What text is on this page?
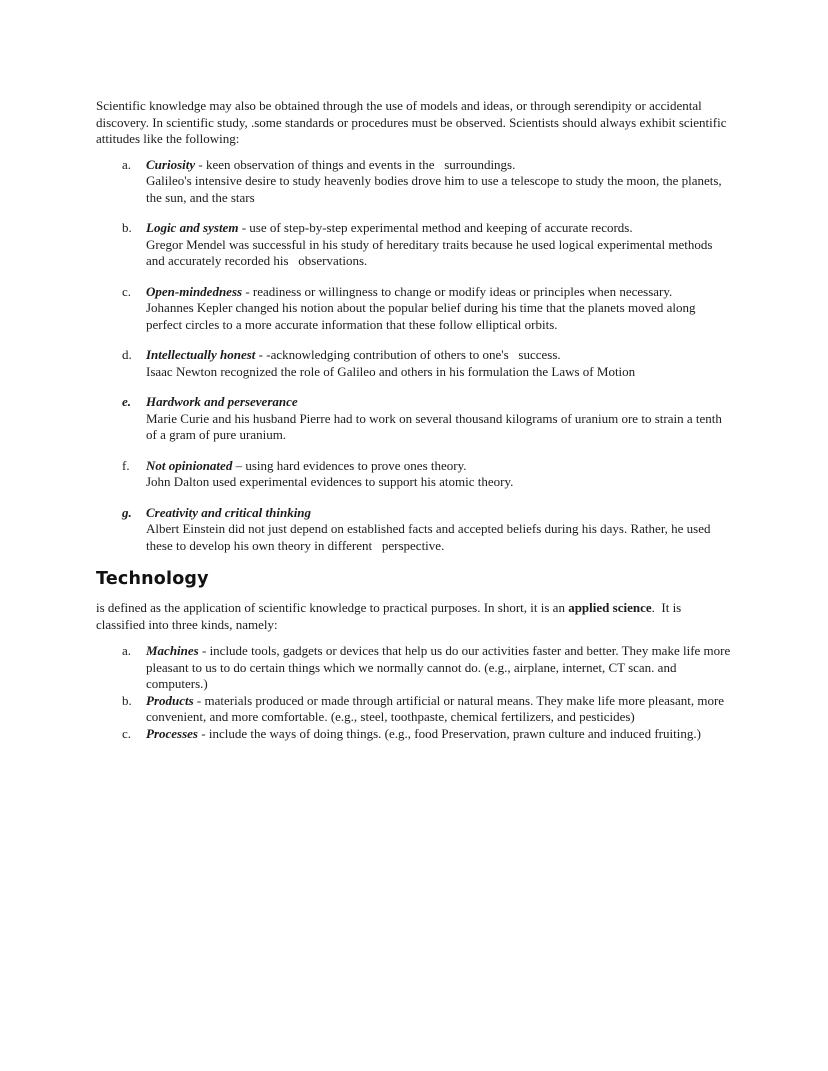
Scientific knowledge may also be obtained through the use of models and ideas, or through serendipity or accidental discovery. In scientific study, .some standards or procedures must be observed. Scientists should always exhibit scientific attitudes like the following:

a.	Curiosity - keen observation of things and events in the   surroundings.
Galileo's intensive desire to study heavenly bodies drove him to use a telescope to study the moon, the planets, the sun, and the stars
b.	Logic and system - use of step-by-step experimental method and keeping of accurate records.
Gregor Mendel was successful in his study of hereditary traits because he used logical experimental methods and accurately recorded his   observations.
c.	Open-mindedness - readiness or willingness to change or modify ideas or principles when necessary.
Johannes Kepler changed his notion about the popular belief during his time that the planets moved along perfect circles to a more accurate information that these follow elliptical orbits.
d.	Intellectually honest - -acknowledging contribution of others to one's   success.
Isaac Newton recognized the role of Galileo and others in his formulation the Laws of Motion
e.	Hardwork and perseverance
Marie Curie and his husband Pierre had to work on several thousand kilograms of uranium ore to strain a tenth of a gram of pure uranium.
f.	Not opinionated – using hard evidences to prove ones theory.
John Dalton used experimental evidences to support his atomic theory.
g.	Creativity and critical thinking
Albert Einstein did not just depend on established facts and accepted beliefs during his days. Rather, he used these to develop his own theory in different   perspective.
Technology

is defined as the application of scientific knowledge to practical purposes. In short, it is an applied science.  It is classified into three kinds, namely:

a.	Machines - include tools, gadgets or devices that help us do our activities faster and better. They make life more pleasant to us to do certain things which we normally cannot do. (e.g., airplane, internet, CT scan. and computers.)
b.	Products - materials produced or made through artificial or natural means. They make life more pleasant, more convenient, and more comfortable. (e.g., steel, toothpaste, chemical fertilizers, and pesticides)
c.	Processes - include the ways of doing things. (e.g., food Preservation, prawn culture and induced fruiting.)
